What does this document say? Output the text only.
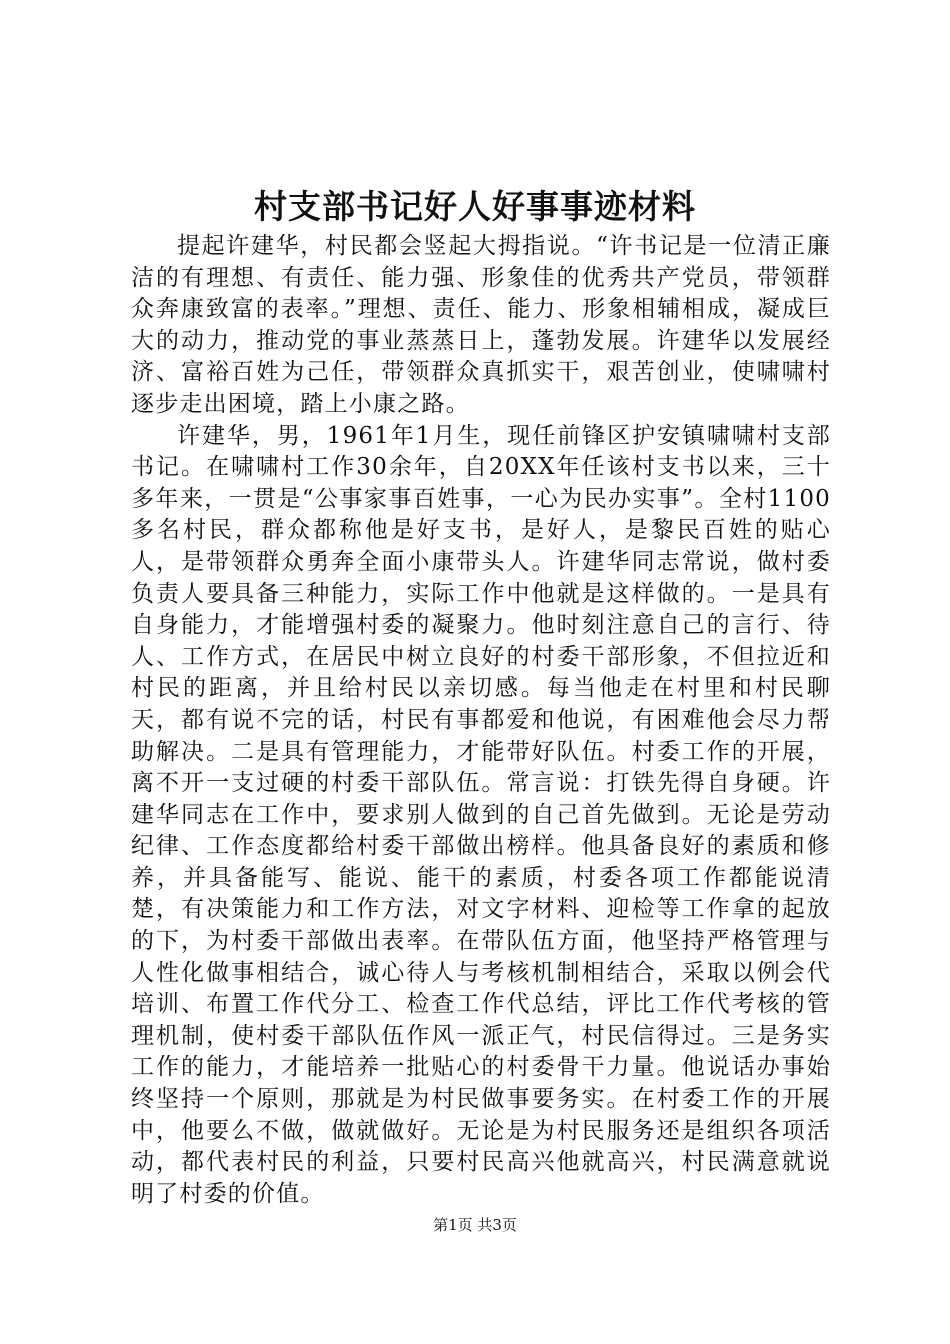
村支部书记好人好事事迹材料

提起许建华，村民都会竖起大拇指说。“许书记是一位清正廉洁的有理想、有责任、能力强、形象佳的优秀共产党员，带领群众奔康致富的表率。”理想、责任、能力、形象相辅相成，凝成巨大的动力，推动党的事业蒸蒸日上，蓬勃发展。许建华以发展经济、富裕百姓为己任，带领群众真抓实干，艰苦创业，使啸啸村逐步走出困境，踏上小康之路。

许建华，男，1961年1月生，现任前锋区护安镇啸啸村支部书记。在啸啸村工作30余年，自20XX年任该村支书以来，三十多年来，一贯是“公事家事百姓事，一心为民办实事”。全村1100多名村民，群众都称他是好支书，是好人，是黎民百姓的贴心人，是带领群众勇奔全面小康带头人。许建华同志常说，做村委负责人要具备三种能力，实际工作中他就是这样做的。一是具有自身能力，才能增强村委的凝聚力。他时刻注意自己的言行、待人、工作方式，在居民中树立良好的村委干部形象，不但拉近和村民的距离，并且给村民以亲切感。每当他走在村里和村民聊天，都有说不完的话，村民有事都爱和他说，有困难他会尽力帮助解决。二是具有管理能力，才能带好队伍。村委工作的开展，离不开一支过硬的村委干部队伍。常言说：打铁先得自身硬。许建华同志在工作中，要求别人做到的自己首先做到。无论是劳动纪律、工作态度都给村委干部做出榜样。他具备良好的素质和修养，并具备能写、能说、能干的素质，村委各项工作都能说清楚，有决策能力和工作方法，对文字材料、迎检等工作拿的起放的下，为村委干部做出表率。在带队伍方面，他坚持严格管理与人性化做事相结合，诚心待人与考核机制相结合，采取以例会代培训、布置工作代分工、检查工作代总结，评比工作代考核的管理机制，使村委干部队伍作风一派正气，村民信得过。三是务实工作的能力，才能培养一批贴心的村委骨干力量。他说话办事始终坚持一个原则，那就是为村民做事要务实。在村委工作的开展中，他要么不做，做就做好。无论是为村民服务还是组织各项活动，都代表村民的利益，只要村民高兴他就高兴，村民满意就说明了村委的价值。

第1页 共3页
